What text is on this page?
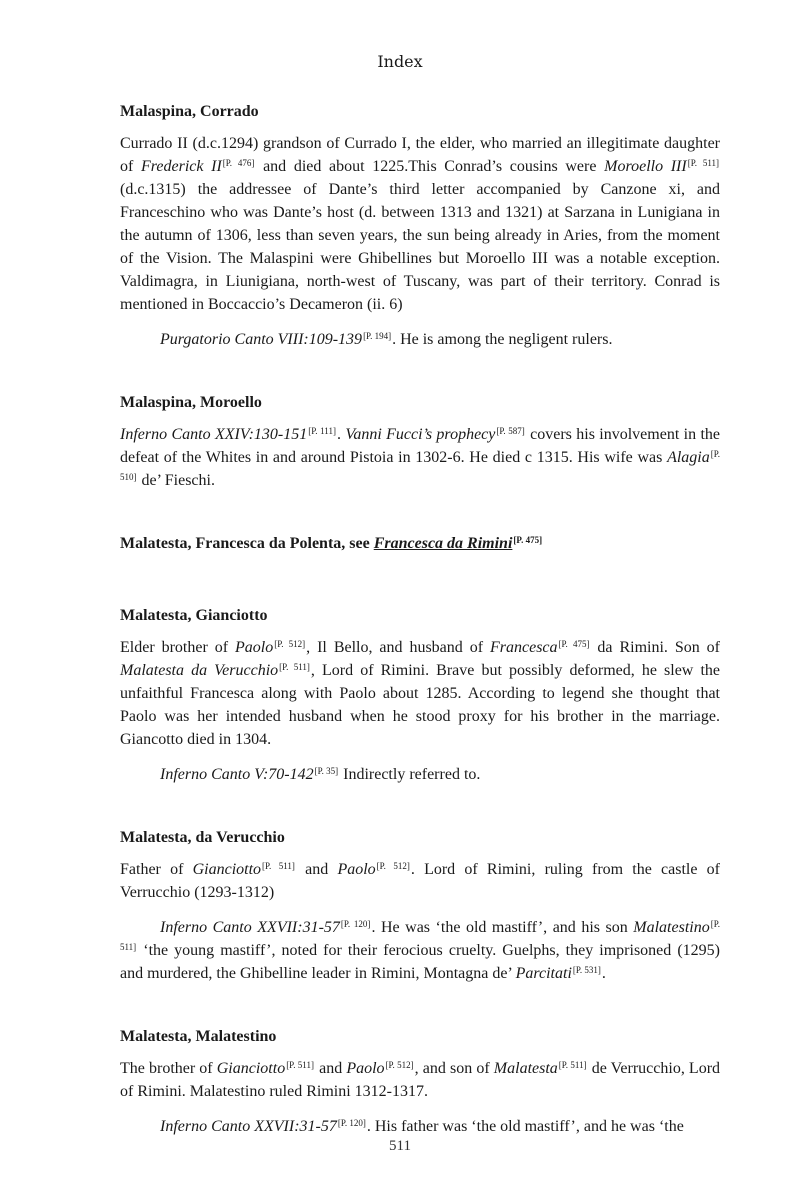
Index
Malaspina, Corrado

Currado II (d.c.1294) grandson of Currado I, the elder, who married an illegitimate daughter of Frederick II[P. 476] and died about 1225.This Conrad’s cousins were Moroello III[P. 511] (d.c.1315) the addressee of Dante’s third letter accompanied by Canzone xi, and Franceschino who was Dante’s host (d. between 1313 and 1321) at Sarzana in Lunigiana in the autumn of 1306, less than seven years, the sun being already in Aries, from the moment of the Vision. The Malaspini were Ghibellines but Moroello III was a notable exception. Valdimagra, in Liunigiana, north-west of Tuscany, was part of their territory. Conrad is mentioned in Boccaccio’s Decameron (ii. 6)

Purgatorio Canto VIII:109-139[P. 194]. He is among the negligent rulers.

Malaspina, Moroello

Inferno Canto XXIV:130-151[P. 111]. Vanni Fucci’s prophecy[P. 587] covers his involvement in the defeat of the Whites in and around Pistoia in 1302-6. He died c 1315. His wife was Alagia[P. 510] de’ Fieschi.

Malatesta, Francesca da Polenta, see Francesca da Rimini[P. 475]
Malatesta, Gianciotto

Elder brother of Paolo[P. 512], Il Bello, and husband of Francesca[P. 475] da Rimini. Son of Malatesta da Verucchio[P. 511], Lord of Rimini. Brave but possibly deformed, he slew the unfaithful Francesca along with Paolo about 1285. According to legend she thought that Paolo was her intended husband when he stood proxy for his brother in the marriage. Giancotto died in 1304.

Inferno Canto V:70-142[P. 35] Indirectly referred to.

Malatesta, da Verucchio

Father of Gianciotto[P. 511] and Paolo[P. 512]. Lord of Rimini, ruling from the castle of Verrucchio (1293-1312)

Inferno Canto XXVII:31-57[P. 120]. He was ‘the old mastiff’, and his son Malatestino[P. 511] ‘the young mastiff’, noted for their ferocious cruelty. Guelphs, they imprisoned (1295) and murdered, the Ghibelline leader in Rimini, Montagna de’ Parcitati[P. 531].

Malatesta, Malatestino

The brother of Gianciotto[P. 511] and Paolo[P. 512], and son of Malatesta[P. 511] de Verrucchio, Lord of Rimini. Malatestino ruled Rimini 1312-1317.

Inferno Canto XXVII:31-57[P. 120]. His father was ‘the old mastiff’, and he was ‘the

511
